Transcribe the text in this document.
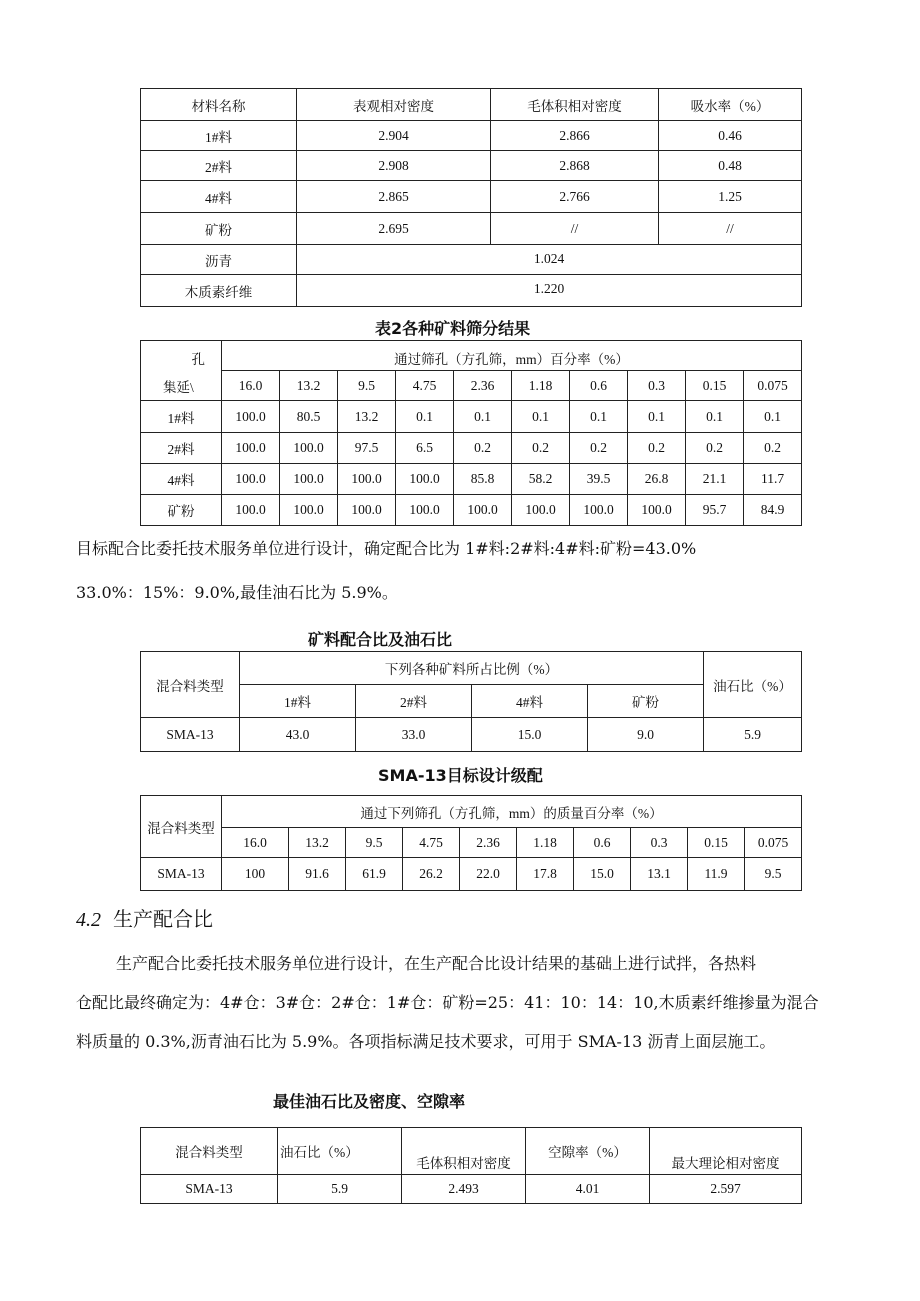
材料名称	表观相对密度	毛体积相对密度	吸水率（%）
1#料	2.904	2.866	0.46
2#料	2.908	2.868	0.48
4#料	2.865	2.766	1.25
矿粉	2.695	//	//
沥青	1.024		
木质素纤维	1.220		
表2各种矿料筛分结果
孔
集延\	通过筛孔（方孔筛，mm）百分率（%）									
	16.0	13.2	9.5	4.75	2.36	1.18	0.6	0.3	0.15	0.075
1#料	100.0	80.5	13.2	0.1	0.1	0.1	0.1	0.1	0.1	0.1
2#料	100.0	100.0	97.5	6.5	0.2	0.2	0.2	0.2	0.2	0.2
4#料	100.0	100.0	100.0	100.0	85.8	58.2	39.5	26.8	21.1	11.7
矿粉	100.0	100.0	100.0	100.0	100.0	100.0	100.0	100.0	95.7	84.9
目标配合比委托技术服务单位进行设计，确定配合比为 1#料:2#料:4#料:矿粉=43.0%
33.0%：15%：9.0%,最佳油石比为 5.9%。
矿料配合比及油石比
混合料类型	下列各种矿料所占比例（%）				油石比（%）
	1#料	2#料	4#料	矿粉	
SMA-13	43.0	33.0	15.0	9.0	5.9
SMA-13目标设计级配
混合料类型	通过下列筛孔（方孔筛，mm）的质量百分率（%）									
	16.0	13.2	9.5	4.75	2.36	1.18	0.6	0.3	0.15	0.075
SMA-13	100	91.6	61.9	26.2	22.0	17.8	15.0	13.1	11.9	9.5
4.2 生产配合比
生产配合比委托技术服务单位进行设计，在生产配合比设计结果的基础上进行试拌，各热料
仓配比最终确定为：4#仓：3#仓：2#仓：1#仓：矿粉=25：41：10：14：10,木质素纤维掺量为混合
料质量的 0.3%,沥青油石比为 5.9%。各项指标满足技术要求，可用于 SMA-13 沥青上面层施工。
最佳油石比及密度、空隙率
混合料类型	油石比（%）	毛体积相对密度	空隙率（%）	最大理论相对密度
SMA-13	5.9	2.493	4.01	2.597
